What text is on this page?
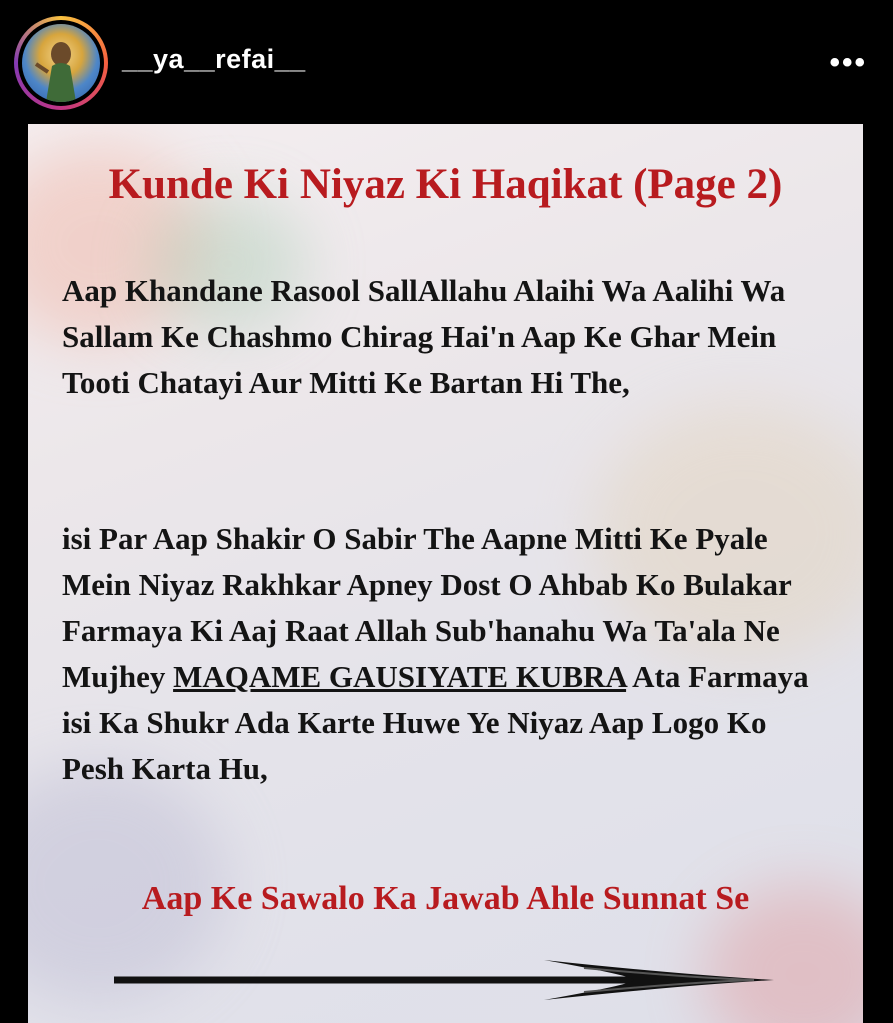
__ya__refai__	•••
Kunde Ki Niyaz Ki Haqikat (Page 2)
Aap Khandane Rasool SallAllahu Alaihi Wa Aalihi Wa Sallam Ke Chashmo Chirag Hai'n Aap Ke Ghar Mein Tooti Chatayi Aur Mitti Ke Bartan Hi The,
isi Par Aap Shakir O Sabir The Aapne Mitti Ke Pyale Mein Niyaz Rakhkar Apney Dost O Ahbab Ko Bulakar Farmaya Ki Aaj Raat Allah Sub'hanahu Wa Ta'ala Ne Mujhey MAQAME GAUSIYATE KUBRA Ata Farmaya isi Ka Shukr Ada Karte Huwe Ye Niyaz Aap Logo Ko Pesh Karta Hu,
Aap Ke Sawalo Ka Jawab Ahle Sunnat Se
